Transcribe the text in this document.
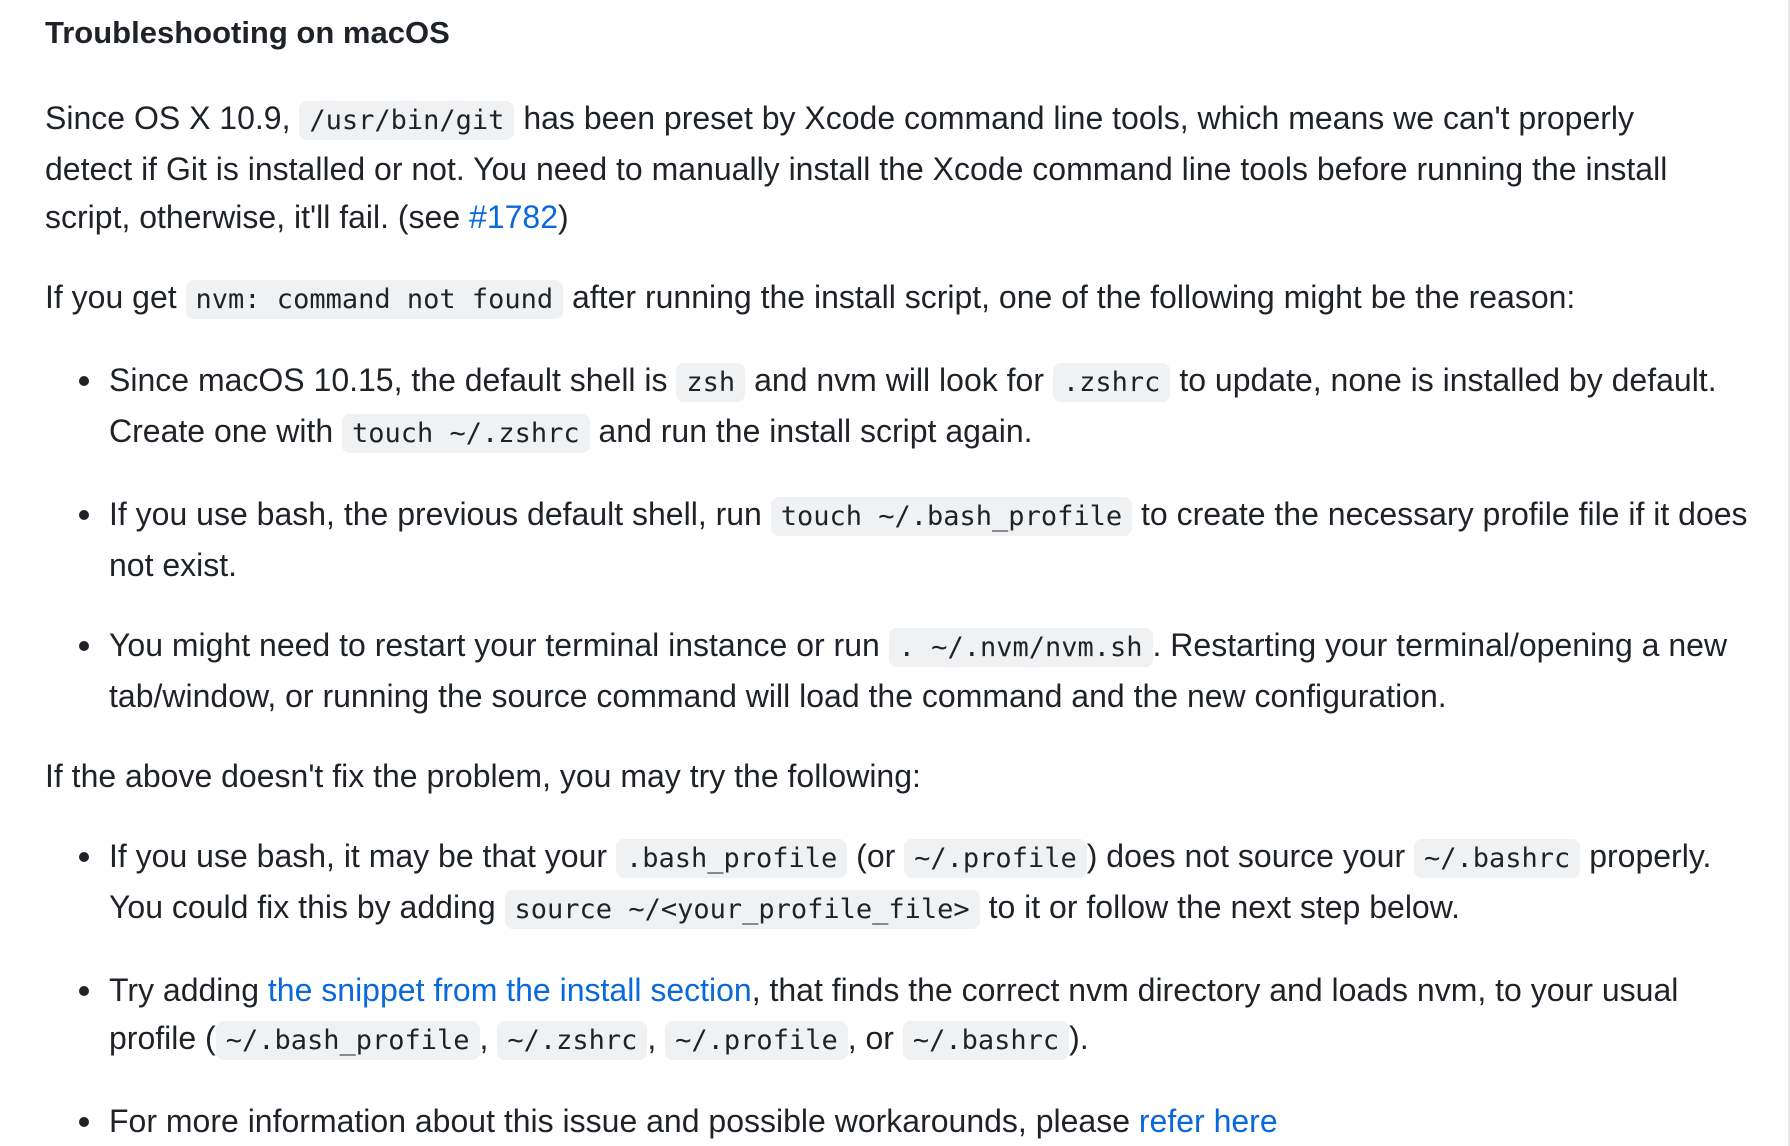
Troubleshooting on macOS

Since OS X 10.9, /usr/bin/git has been preset by Xcode command line tools, which means we can't properly detect if Git is installed or not. You need to manually install the Xcode command line tools before running the install script, otherwise, it'll fail. (see #1782)

If you get nvm: command not found after running the install script, one of the following might be the reason:

Since macOS 10.15, the default shell is zsh and nvm will look for .zshrc to update, none is installed by default. Create one with touch ~/.zshrc and run the install script again.
If you use bash, the previous default shell, run touch ~/.bash_profile to create the necessary profile file if it does not exist.
You might need to restart your terminal instance or run . ~/.nvm/nvm.sh . Restarting your terminal/opening a new tab/window, or running the source command will load the command and the new configuration.

If the above doesn't fix the problem, you may try the following:

If you use bash, it may be that your .bash_profile (or ~/.profile ) does not source your ~/.bashrc properly. You could fix this by adding source ~/<your_profile_file> to it or follow the next step below.
Try adding the snippet from the install section, that finds the correct nvm directory and loads nvm, to your usual profile ( ~/.bash_profile , ~/.zshrc , ~/.profile , or ~/.bashrc ).
For more information about this issue and possible workarounds, please refer here
